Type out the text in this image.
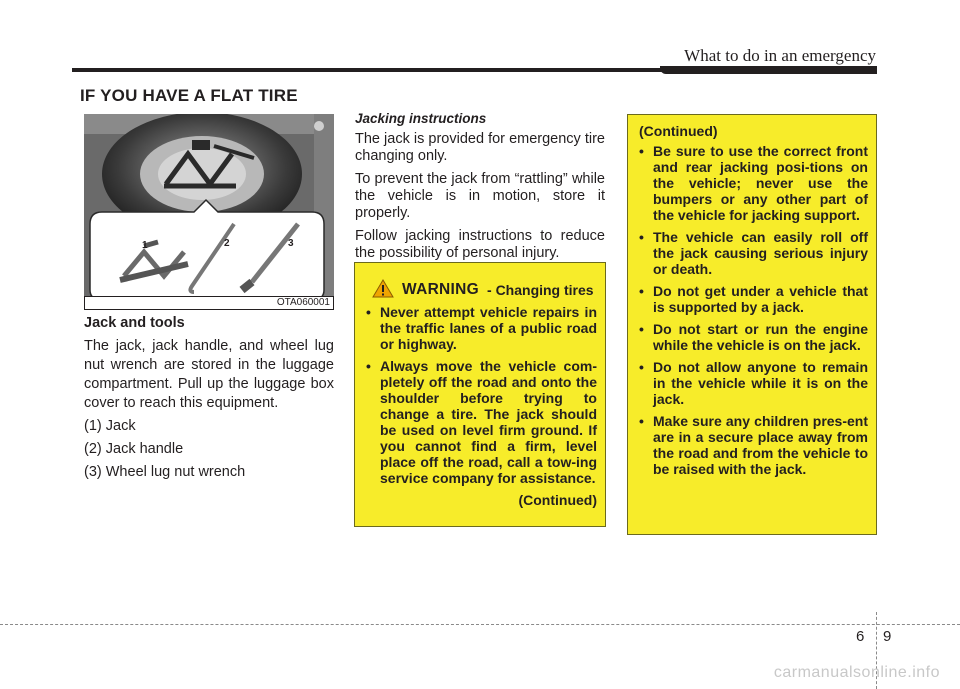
What to do in an emergency
IF YOU HAVE A FLAT TIRE
1	2	3
OTA060001

Jack and tools

The jack, jack handle, and wheel lug nut wrench are stored in the luggage compartment. Pull up the luggage box cover to reach this equipment.

(1) Jack

(2) Jack handle

(3) Wheel lug nut wrench

Jacking instructions

The jack is provided for emergency tire changing only.

To prevent the jack from “rattling” while the vehicle is in motion, store it properly.

Follow jacking instructions to reduce the possibility of personal injury.

WARNING - Changing tires
• Never attempt vehicle repairs in the traffic lanes of a public road or highway.
• Always move the vehicle com-pletely off the road and onto the shoulder before trying to change a tire. The jack should be used on level firm ground. If you cannot find a firm, level place off the road, call a tow-ing service company for assistance.
(Continued)
(Continued)
• Be sure to use the correct front and rear jacking posi-tions on the vehicle; never use the bumpers or any other part of the vehicle for jacking support.
• The vehicle can easily roll off the jack causing serious injury or death.
• Do not get under a vehicle that is supported by a jack.
• Do not start or run the engine while the vehicle is on the jack.
• Do not allow anyone to remain in the vehicle while it is on the jack.
• Make sure any children pres-ent are in a secure place away from the road and from the vehicle to be raised with the jack.
6 9
carmanualsonline.info
